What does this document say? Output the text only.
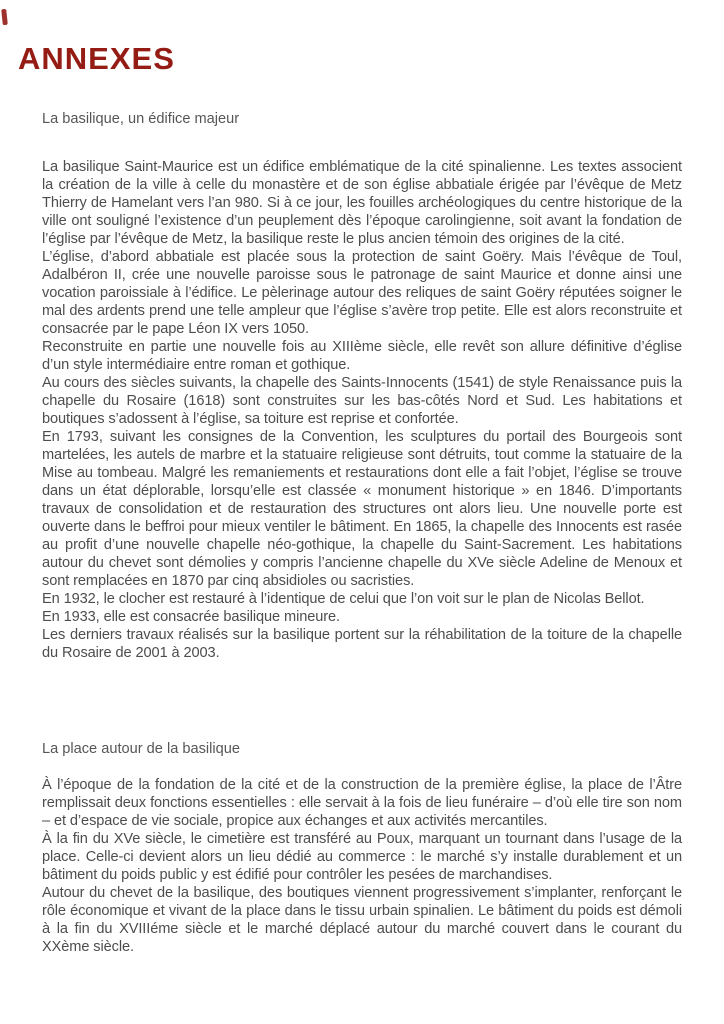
ANNEXES
La basilique, un édifice majeur

La basilique Saint-Maurice est un édifice emblématique de la cité spinalienne. Les textes associent la création de la ville à celle du monastère et de son église abbatiale érigée par l’évêque de Metz Thierry de Hamelant vers l’an 980. Si à ce jour, les fouilles archéologiques du centre historique de la ville ont souligné l’existence d’un peuplement dès l’époque carolingienne, soit avant la fondation de l’église par l’évêque de Metz, la basilique reste le plus ancien témoin des origines de la cité.

L’église, d’abord abbatiale est placée sous la protection de saint Goëry. Mais l’évêque de Toul, Adalbéron II, crée une nouvelle paroisse sous le patronage de saint Maurice et donne ainsi une vocation paroissiale à l’édifice. Le pèlerinage autour des reliques de saint Goëry réputées soigner le mal des ardents prend une telle ampleur que l’église s’avère trop petite. Elle est alors reconstruite et consacrée par le pape Léon IX vers 1050.

Reconstruite en partie une nouvelle fois au XIIIème siècle, elle revêt son allure définitive d’église d’un style intermédiaire entre roman et gothique.

Au cours des siècles suivants, la chapelle des Saints-Innocents (1541) de style Renaissance puis la chapelle du Rosaire (1618) sont construites sur les bas-côtés Nord et Sud. Les habitations et boutiques s’adossent à l’église, sa toiture est reprise et confortée.

En 1793, suivant les consignes de la Convention, les sculptures du portail des Bourgeois sont martelées, les autels de marbre et la statuaire religieuse sont détruits, tout comme la statuaire de la Mise au tombeau. Malgré les remaniements et restaurations dont elle a fait l’objet, l’église se trouve dans un état déplorable, lorsqu’elle est classée « monument historique » en 1846. D’importants travaux de consolidation et de restauration des structures ont alors lieu. Une nouvelle porte est ouverte dans le beffroi pour mieux ventiler le bâtiment. En 1865, la chapelle des Innocents est rasée au profit d’une nouvelle chapelle néo-gothique, la chapelle du Saint-Sacrement. Les habitations autour du chevet sont démolies y compris l’ancienne chapelle du XVe siècle Adeline de Menoux et sont remplacées en 1870 par cinq absidioles ou sacristies.

En 1932, le clocher est restauré à l’identique de celui que l’on voit sur le plan de Nicolas Bellot.

En 1933, elle est consacrée basilique mineure.

Les derniers travaux réalisés sur la basilique portent sur la réhabilitation de la toiture de la chapelle du Rosaire de 2001 à 2003.

La place autour de la basilique

À l’époque de la fondation de la cité et de la construction de la première église, la place de l’Âtre remplissait deux fonctions essentielles : elle servait à la fois de lieu funéraire – d’où elle tire son nom – et d’espace de vie sociale, propice aux échanges et aux activités mercantiles.

À la fin du XVe siècle, le cimetière est transféré au Poux, marquant un tournant dans l’usage de la place. Celle-ci devient alors un lieu dédié au commerce : le marché s’y installe durablement et un bâtiment du poids public y est édifié pour contrôler les pesées de marchandises.

Autour du chevet de la basilique, des boutiques viennent progressivement s’implanter, renforçant le rôle économique et vivant de la place dans le tissu urbain spinalien. Le bâtiment du poids est démoli à la fin du XVIIIéme siècle et le marché déplacé autour du marché couvert dans le courant du XXème siècle.
